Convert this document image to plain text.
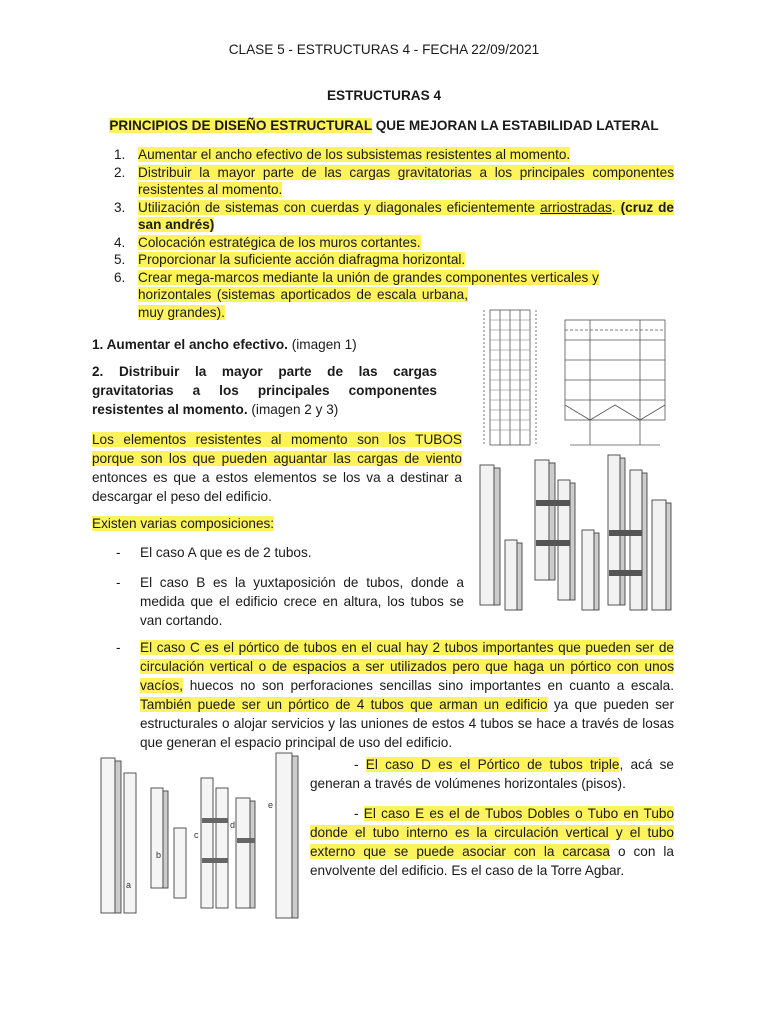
CLASE 5 - ESTRUCTURAS 4 - FECHA 22/09/2021
ESTRUCTURAS 4
PRINCIPIOS DE DISEÑO ESTRUCTURAL QUE MEJORAN LA ESTABILIDAD LATERAL
1. Aumentar el ancho efectivo de los subsistemas resistentes al momento.
2. Distribuir la mayor parte de las cargas gravitatorias a los principales componentes resistentes al momento.
3. Utilización de sistemas con cuerdas y diagonales eficientemente arriostradas. (cruz de san andrés)
4. Colocación estratégica de los muros cortantes.
5. Proporcionar la suficiente acción diafragma horizontal.
6. Crear mega-marcos mediante la unión de grandes componentes verticales y
horizontales (sistemas aporticados de escala urbana, muy grandes).
1. Aumentar el ancho efectivo. (imagen 1)
2. Distribuir la mayor parte de las cargas gravitatorias a los principales componentes resistentes al momento. (imagen 2 y 3)
Los elementos resistentes al momento son los TUBOS porque son los que pueden aguantar las cargas de viento entonces es que a estos elementos se los va a destinar a descargar el peso del edificio.
Existen varias composiciones:
- El caso A que es de 2 tubos.
- El caso B es la yuxtaposición de tubos, donde a medida que el edificio crece en altura, los tubos se van cortando.
- El caso C es el pórtico de tubos en el cual hay 2 tubos importantes que pueden ser de circulación vertical o de espacios a ser utilizados pero que haga un pórtico con unos vacíos, huecos no son perforaciones sencillas sino importantes en cuanto a escala. También puede ser un pórtico de 4 tubos que arman un edificio ya que pueden ser estructurales o alojar servicios y las uniones de estos 4 tubos se hace a través de losas que generan el espacio principal de uso del edificio.
- El caso D es el Pórtico de tubos triple, acá se generan a través de volúmenes horizontales (pisos).
- El caso E es el de Tubos Dobles o Tubo en Tubo donde el tubo interno es la circulación vertical y el tubo externo que se puede asociar con la carcasa o con la envolvente del edificio. Es el caso de la Torre Agbar.
a
b
c
d
e
